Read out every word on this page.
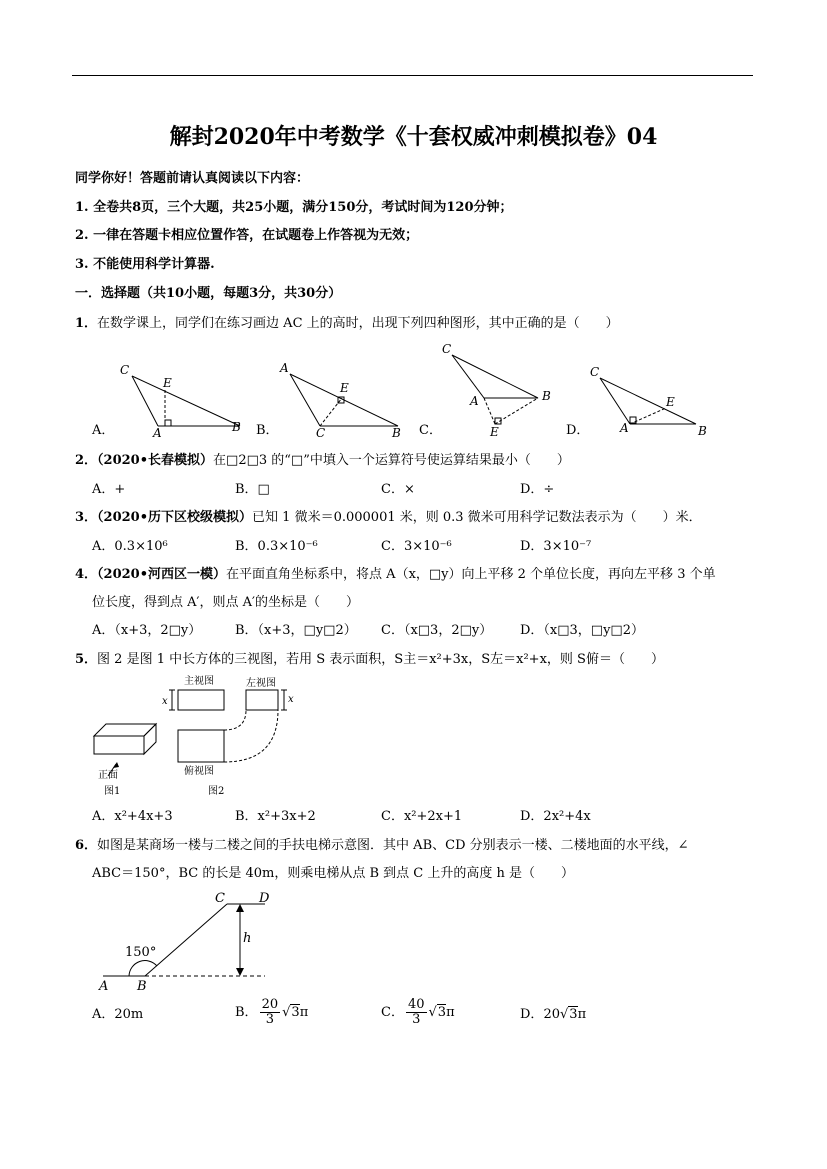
解封2020年中考数学《十套权威冲刺模拟卷》04
同学你好！答题前请认真阅读以下内容：
1. 全卷共8页，三个大题，共25小题，满分150分，考试时间为120分钟；
2. 一律在答题卡相应位置作答，在试题卷上作答视为无效；
3. 不能使用科学计算器.
一．选择题（共10小题，每题3分，共30分）
1．在数学课上，同学们在练习画边 AC 上的高时，出现下列四种图形，其中正确的是（　　）
C
E
A	B
A
E
C	B
C
A	B
E
C
E
A	B
A．	B．	C．	D．
2．（2020•长春模拟）在□2□3 的“□”中填入一个运算符号使运算结果最小（　　）
A．+	B．□	C．×	D．÷
3．（2020•历下区校级模拟）已知 1 微米＝0.000001 米，则 0.3 微米可用科学记数法表示为（　　）米．
A．0.3×10⁶	B．0.3×10⁻⁶	C．3×10⁻⁶	D．3×10⁻⁷
4．（2020•河西区一模）在平面直角坐标系中，将点 A（x，□y）向上平移 2 个单位长度，再向左平移 3 个单
位长度，得到点 A′，则点 A′的坐标是（　　）
A．（x+3，2□y）	B．（x+3，□y□2） C．（x□3，2□y） D．（x□3，□y□2）
5．图 2 是图 1 中长方体的三视图，若用 S 表示面积，S主＝x²+3x，S左＝x²+x，则 S俯＝（　　）
主视图	左视图
俯视图
正面
图1	图2
x	x
A．x²+4x+3	B．x²+3x+2	C．x²+2x+1	D．2x²+4x
6．如图是某商场一楼与二楼之间的手扶电梯示意图．其中 AB、CD 分别表示一楼、二楼地面的水平线，∠
ABC＝150°，BC 的长是 40m，则乘电梯从点 B 到点 C 上升的高度 h 是（　　）
A B
C	D
h
150°
A．20m	B． $\frac{20}{3} √3\pi$	C． $\frac{40}{3} √3\pi$	D．20√3π
